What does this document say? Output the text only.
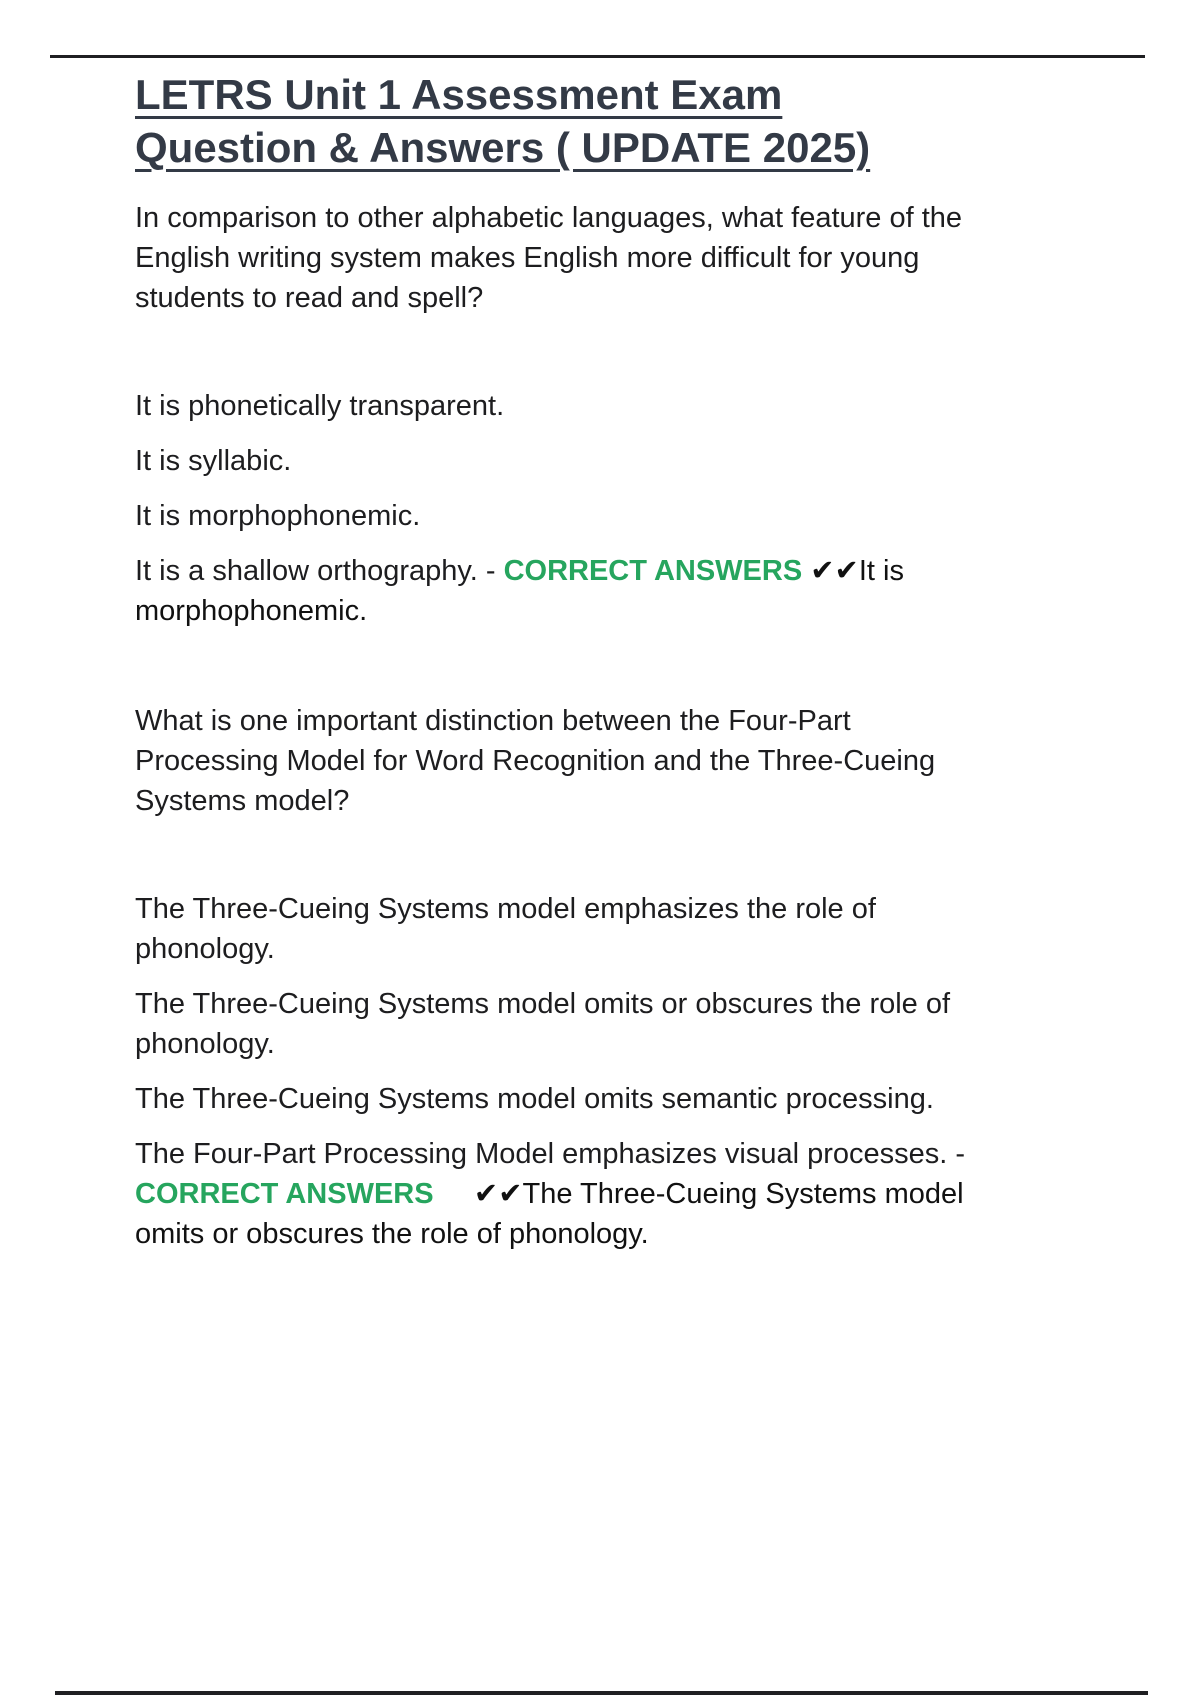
LETRS Unit 1 Assessment Exam
Question & Answers ( UPDATE 2025)

In comparison to other alphabetic languages, what feature of the English writing system makes English more difficult for young students to read and spell?

It is phonetically transparent.

It is syllabic.

It is morphophonemic.

It is a shallow orthography. - CORRECT ANSWERS ✔✔It is morphophonemic.

What is one important distinction between the Four-Part Processing Model for Word Recognition and the Three-Cueing Systems model?

The Three-Cueing Systems model emphasizes the role of phonology.

The Three-Cueing Systems model omits or obscures the role of phonology.

The Three-Cueing Systems model omits semantic processing.

The Four-Part Processing Model emphasizes visual processes. - CORRECT ANSWERS     ✔✔The Three-Cueing Systems model omits or obscures the role of phonology.
